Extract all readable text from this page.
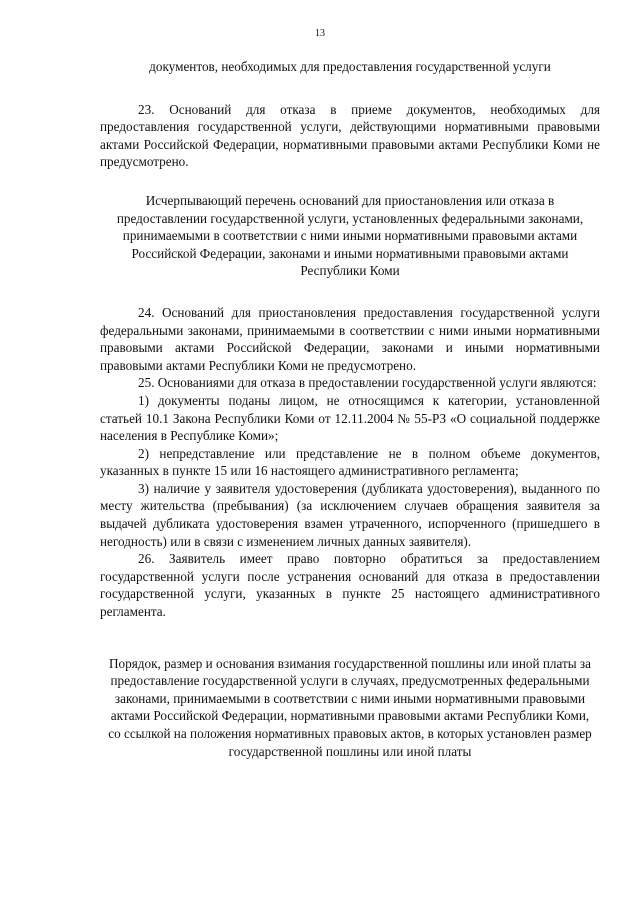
13

документов, необходимых для предоставления государственной услуги

23. Оснований для отказа в приеме документов, необходимых для предоставления государственной услуги, действующими нормативными правовыми актами Российской Федерации, нормативными правовыми актами Республики Коми не предусмотрено.

Исчерпывающий перечень оснований для приостановления или отказа в предоставлении государственной услуги, установленных федеральными законами, принимаемыми в соответствии с ними иными нормативными правовыми актами Российской Федерации, законами и иными нормативными правовыми актами Республики Коми

24. Оснований для приостановления предоставления государственной услуги федеральными законами, принимаемыми в соответствии с ними иными нормативными правовыми актами Российской Федерации, законами и иными нормативными правовыми актами Республики Коми не предусмотрено.

25. Основаниями для отказа в предоставлении государственной услуги являются:

1) документы поданы лицом, не относящимся к категории, установленной статьей 10.1 Закона Республики Коми от 12.11.2004 № 55-РЗ «О социальной поддержке населения в Республике Коми»;

2) непредставление или представление не в полном объеме документов, указанных в пункте 15 или 16 настоящего административного регламента;

3) наличие у заявителя удостоверения (дубликата удостоверения), выданного по месту жительства (пребывания) (за исключением случаев обращения заявителя за выдачей дубликата удостоверения взамен утраченного, испорченного (пришедшего в негодность) или в связи с изменением личных данных заявителя).

26. Заявитель имеет право повторно обратиться за предоставлением государственной услуги после устранения оснований для отказа в предоставлении государственной услуги, указанных в пункте 25 настоящего административного регламента.

Порядок, размер и основания взимания государственной пошлины или иной платы за предоставление государственной услуги в случаях, предусмотренных федеральными законами, принимаемыми в соответствии с ними иными нормативными правовыми актами Российской Федерации, нормативными правовыми актами Республики Коми, со ссылкой на положения нормативных правовых актов, в которых установлен размер государственной пошлины или иной платы
